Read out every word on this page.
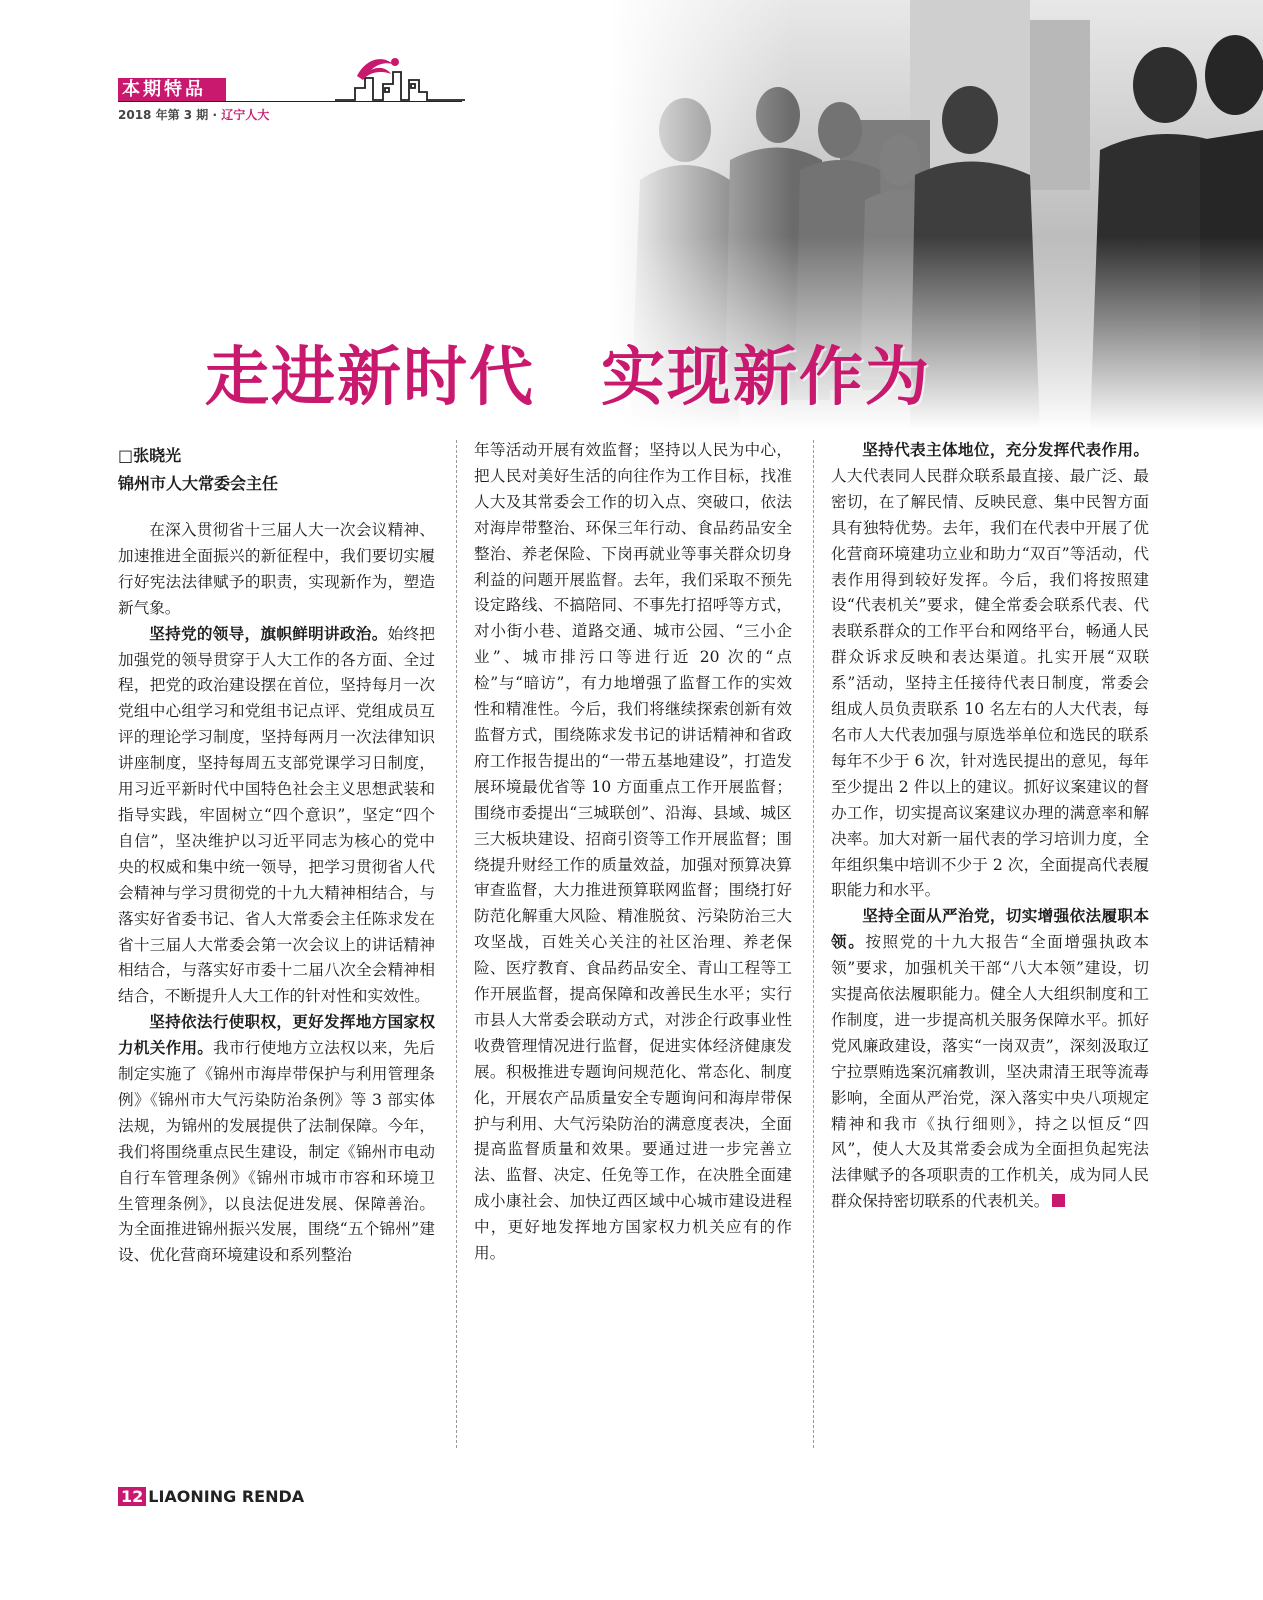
本期特品
2018 年第 3 期 · 辽宁人大
走进新时代　实现新作为
□张晓光
锦州市人大常委会主任

在深入贯彻省十三届人大一次会议精神、加速推进全面振兴的新征程中，我们要切实履行好宪法法律赋予的职责，实现新作为，塑造新气象。

坚持党的领导，旗帜鲜明讲政治。始终把加强党的领导贯穿于人大工作的各方面、全过程，把党的政治建设摆在首位，坚持每月一次党组中心组学习和党组书记点评、党组成员互评的理论学习制度，坚持每两月一次法律知识讲座制度，坚持每周五支部党课学习日制度，用习近平新时代中国特色社会主义思想武装和指导实践，牢固树立“四个意识”，坚定“四个自信”，坚决维护以习近平同志为核心的党中央的权威和集中统一领导，把学习贯彻省人代会精神与学习贯彻党的十九大精神相结合，与落实好省委书记、省人大常委会主任陈求发在省十三届人大常委会第一次会议上的讲话精神相结合，与落实好市委十二届八次全会精神相结合，不断提升人大工作的针对性和实效性。

坚持依法行使职权，更好发挥地方国家权力机关作用。我市行使地方立法权以来，先后制定实施了《锦州市海岸带保护与利用管理条例》《锦州市大气污染防治条例》等 3 部实体法规，为锦州的发展提供了法制保障。今年，我们将围绕重点民生建设，制定《锦州市电动自行车管理条例》《锦州市城市市容和环境卫生管理条例》，以良法促进发展、保障善治。为全面推进锦州振兴发展，围绕“五个锦州”建设、优化营商环境建设和系列整治

年等活动开展有效监督；坚持以人民为中心，把人民对美好生活的向往作为工作目标，找准人大及其常委会工作的切入点、突破口，依法对海岸带整治、环保三年行动、食品药品安全整治、养老保险、下岗再就业等事关群众切身利益的问题开展监督。去年，我们采取不预先设定路线、不搞陪同、不事先打招呼等方式，对小街小巷、道路交通、城市公园、“三小企业”、城市排污口等进行近 20 次的“点检”与“暗访”，有力地增强了监督工作的实效性和精准性。今后，我们将继续探索创新有效监督方式，围绕陈求发书记的讲话精神和省政府工作报告提出的“一带五基地建设”，打造发展环境最优省等 10 方面重点工作开展监督；围绕市委提出“三城联创”、沿海、县域、城区三大板块建设、招商引资等工作开展监督；围绕提升财经工作的质量效益，加强对预算决算审查监督，大力推进预算联网监督；围绕打好防范化解重大风险、精准脱贫、污染防治三大攻坚战，百姓关心关注的社区治理、养老保险、医疗教育、食品药品安全、青山工程等工作开展监督，提高保障和改善民生水平；实行市县人大常委会联动方式，对涉企行政事业性收费管理情况进行监督，促进实体经济健康发展。积极推进专题询问规范化、常态化、制度化，开展农产品质量安全专题询问和海岸带保护与利用、大气污染防治的满意度表决，全面提高监督质量和效果。要通过进一步完善立法、监督、决定、任免等工作，在决胜全面建成小康社会、加快辽西区域中心城市建设进程中，更好地发挥地方国家权力机关应有的作用。

坚持代表主体地位，充分发挥代表作用。人大代表同人民群众联系最直接、最广泛、最密切，在了解民情、反映民意、集中民智方面具有独特优势。去年，我们在代表中开展了优化营商环境建功立业和助力“双百”等活动，代表作用得到较好发挥。今后，我们将按照建设“代表机关”要求，健全常委会联系代表、代表联系群众的工作平台和网络平台，畅通人民群众诉求反映和表达渠道。扎实开展“双联系”活动，坚持主任接待代表日制度，常委会组成人员负责联系 10 名左右的人大代表，每名市人大代表加强与原选举单位和选民的联系每年不少于 6 次，针对选民提出的意见，每年至少提出 2 件以上的建议。抓好议案建议的督办工作，切实提高议案建议办理的满意率和解决率。加大对新一届代表的学习培训力度，全年组织集中培训不少于 2 次，全面提高代表履职能力和水平。

坚持全面从严治党，切实增强依法履职本领。按照党的十九大报告“全面增强执政本领”要求，加强机关干部“八大本领”建设，切实提高依法履职能力。健全人大组织制度和工作制度，进一步提高机关服务保障水平。抓好党风廉政建设，落实“一岗双责”，深刻汲取辽宁拉票贿选案沉痛教训，坚决肃清王珉等流毒影响，全面从严治党，深入落实中央八项规定精神和我市《执行细则》，持之以恒反“四风”，使人大及其常委会成为全面担负起宪法法律赋予的各项职责的工作机关，成为同人民群众保持密切联系的代表机关。

12 LIAONING RENDA
